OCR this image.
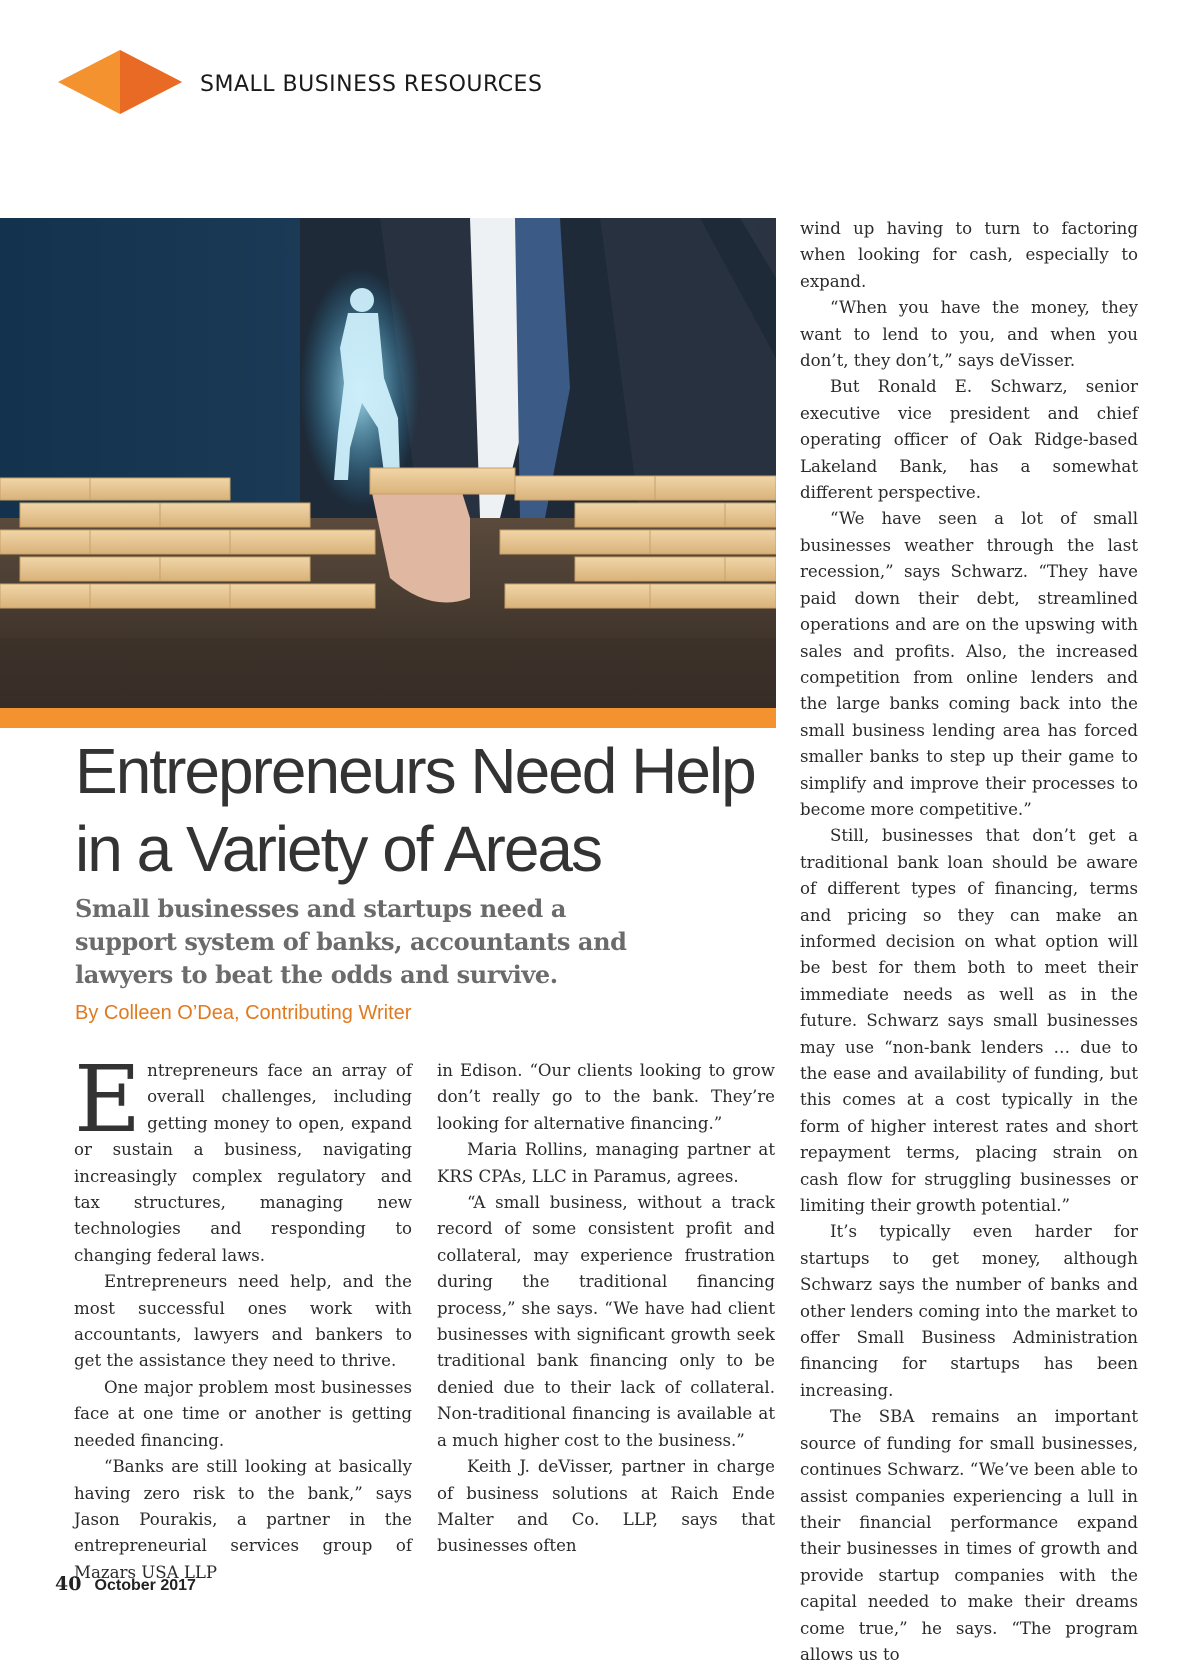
SMALL BUSINESS RESOURCES
Entrepreneurs Need Help
in a Variety of Areas

Small businesses and startups need a support system of banks, accountants and lawyers to beat the odds and survive.

By Colleen O’Dea, Contributing Writer

Entrepreneurs face an array of overall challenges, including getting money to open, expand or sustain a business, navigating increasingly complex regulatory and tax structures, managing new technologies and responding to changing federal laws.

Entrepreneurs need help, and the most successful ones work with accountants, lawyers and bankers to get the assistance they need to thrive.

One major problem most businesses face at one time or another is getting needed financing.

“Banks are still looking at basically having zero risk to the bank,” says Jason Pourakis, a partner in the entrepreneurial services group of Mazars USA LLP

in Edison. “Our clients looking to grow don’t really go to the bank. They’re looking for alternative financing.”

Maria Rollins, managing partner at KRS CPAs, LLC in Paramus, agrees.

“A small business, without a track record of some consistent profit and collateral, may experience frustration during the traditional financing process,” she says. “We have had client businesses with significant growth seek traditional bank financing only to be denied due to their lack of collateral. Non-traditional financing is available at a much higher cost to the business.”

Keith J. deVisser, partner in charge of business solutions at Raich Ende Malter and Co. LLP, says that businesses often

wind up having to turn to factoring when looking for cash, especially to expand.

“When you have the money, they want to lend to you, and when you don’t, they don’t,” says deVisser.

But Ronald E. Schwarz, senior executive vice president and chief operating officer of Oak Ridge-based Lakeland Bank, has a somewhat different perspective.

“We have seen a lot of small businesses weather through the last recession,” says Schwarz. “They have paid down their debt, streamlined operations and are on the upswing with sales and profits. Also, the increased competition from online lenders and the large banks coming back into the small business lending area has forced smaller banks to step up their game to simplify and improve their processes to become more competitive.”

Still, businesses that don’t get a traditional bank loan should be aware of different types of financing, terms and pricing so they can make an informed decision on what option will be best for them both to meet their immediate needs as well as in the future. Schwarz says small businesses may use “non-bank lenders … due to the ease and availability of funding, but this comes at a cost typically in the form of higher interest rates and short repayment terms, placing strain on cash flow for struggling businesses or limiting their growth potential.”

It’s typically even harder for startups to get money, although Schwarz says the number of banks and other lenders coming into the market to offer Small Business Administration financing for startups has been increasing.

The SBA remains an important source of funding for small businesses, continues Schwarz. “We’ve been able to assist companies experiencing a lull in their financial performance expand their businesses in times of growth and provide startup companies with the capital needed to make their dreams come true,” he says. “The program allows us to

40 October 2017
